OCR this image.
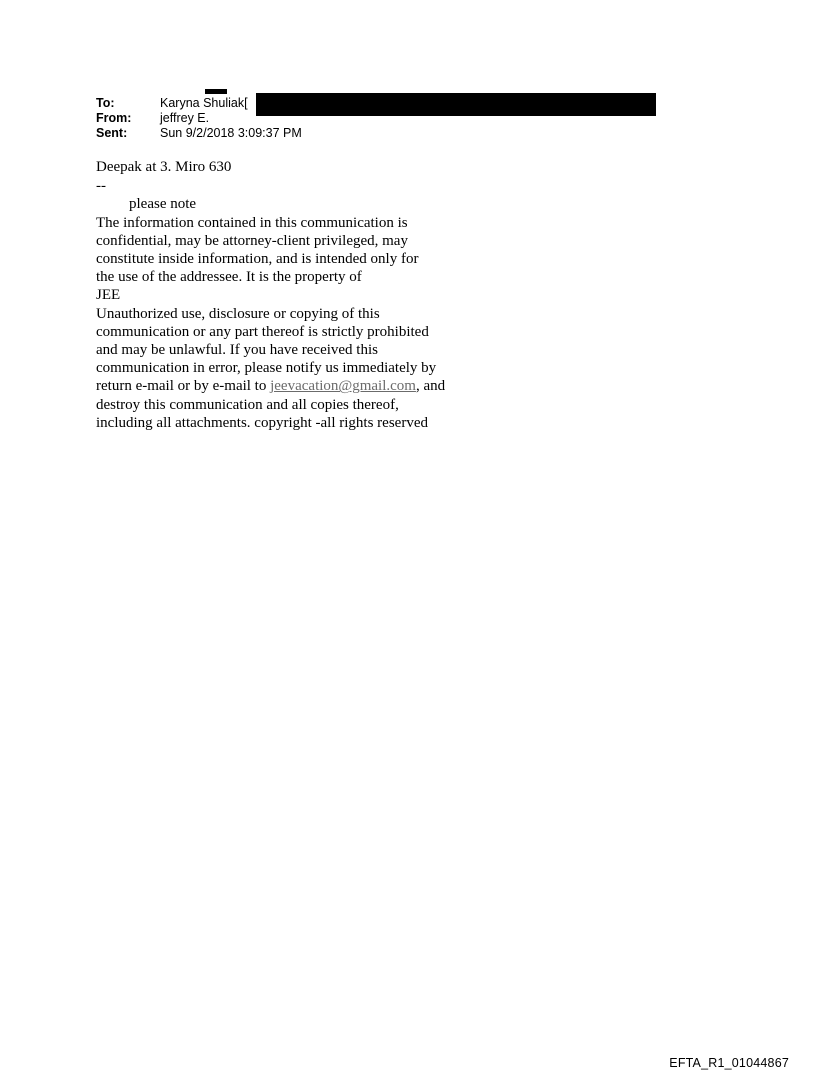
To:	Karyna Shuliak[
From:	jeffrey E.
Sent:	Sun 9/2/2018 3:09:37 PM

Deepak at 3. Miro 630

--

please note

The information contained in this communication is

confidential, may be attorney-client privileged, may

constitute inside information, and is intended only for

the use of the addressee. It is the property of

JEE

Unauthorized use, disclosure or copying of this

communication or any part thereof is strictly prohibited

and may be unlawful. If you have received this

communication in error, please notify us immediately by

return e-mail or by e-mail to jeevacation@gmail.com, and

destroy this communication and all copies thereof,

including all attachments. copyright -all rights reserved

EFTA_R1_01044867
